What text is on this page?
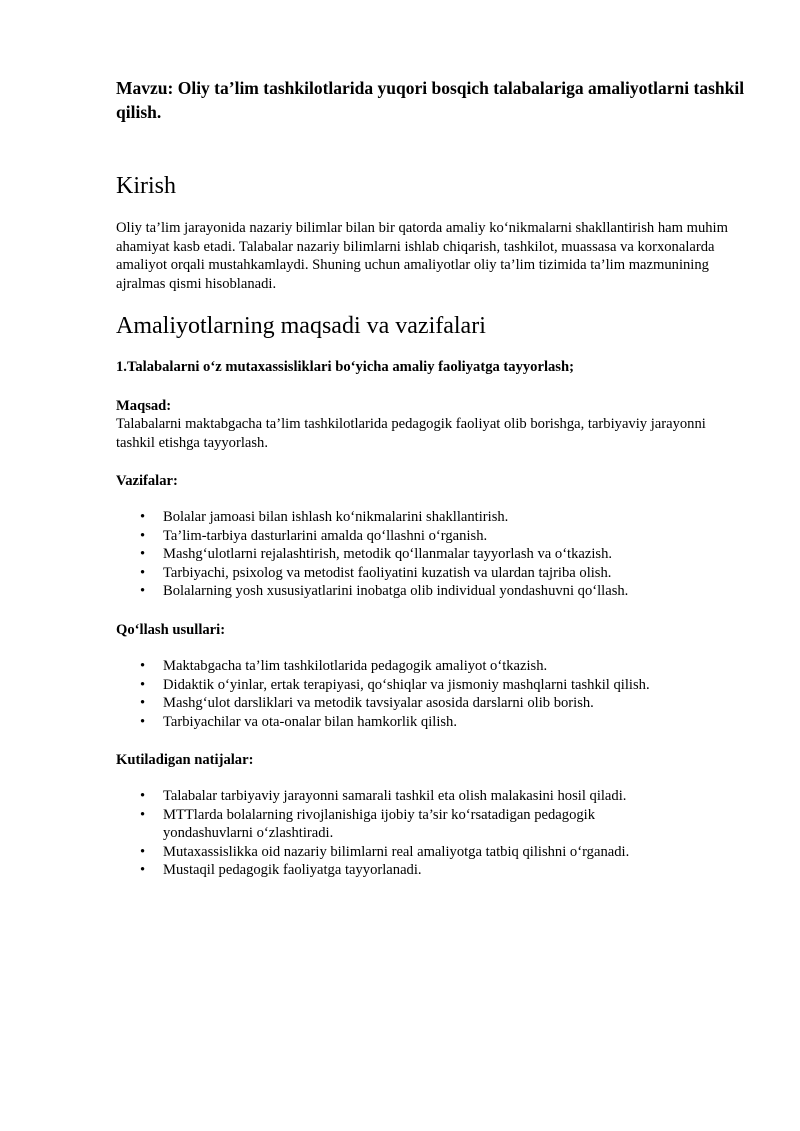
Mavzu: Oliy ta’lim tashkilotlarida yuqori bosqich talabalariga amaliyotlarni tashkil qilish.

Kirish

Oliy ta’lim jarayonida nazariy bilimlar bilan bir qatorda amaliy ko‘nikmalarni shakllantirish ham muhim ahamiyat kasb etadi. Talabalar nazariy bilimlarni ishlab chiqarish, tashkilot, muassasa va korxonalarda amaliyot orqali mustahkamlaydi. Shuning uchun amaliyotlar oliy ta’lim tizimida ta’lim mazmunining ajralmas qismi hisoblanadi.

Amaliyotlarning maqsadi va vazifalari

1.Talabalarni o‘z mutaxassisliklari bo‘yicha amaliy faoliyatga tayyorlash;

Maqsad:

Talabalarni maktabgacha ta’lim tashkilotlarida pedagogik faoliyat olib borishga, tarbiyaviy jarayonni tashkil etishga tayyorlash.

Vazifalar:

• Bolalar jamoasi bilan ishlash ko‘nikmalarini shakllantirish.
• Ta’lim-tarbiya dasturlarini amalda qo‘llashni o‘rganish.
• Mashg‘ulotlarni rejalashtirish, metodik qo‘llanmalar tayyorlash va o‘tkazish.
• Tarbiyachi, psixolog va metodist faoliyatini kuzatish va ulardan tajriba olish.
• Bolalarning yosh xususiyatlarini inobatga olib individual yondashuvni qo‘llash.

Qo‘llash usullari:

• Maktabgacha ta’lim tashkilotlarida pedagogik amaliyot o‘tkazish.
• Didaktik o‘yinlar, ertak terapiyasi, qo‘shiqlar va jismoniy mashqlarni tashkil qilish.
• Mashg‘ulot darsliklari va metodik tavsiyalar asosida darslarni olib borish.
• Tarbiyachilar va ota-onalar bilan hamkorlik qilish.

Kutiladigan natijalar:

• Talabalar tarbiyaviy jarayonni samarali tashkil eta olish malakasini hosil qiladi.
• MTTlarda bolalarning rivojlanishiga ijobiy ta’sir ko‘rsatadigan pedagogik yondashuvlarni o‘zlashtiradi.
• Mutaxassislikka oid nazariy bilimlarni real amaliyotga tatbiq qilishni o‘rganadi.
• Mustaqil pedagogik faoliyatga tayyorlanadi.
